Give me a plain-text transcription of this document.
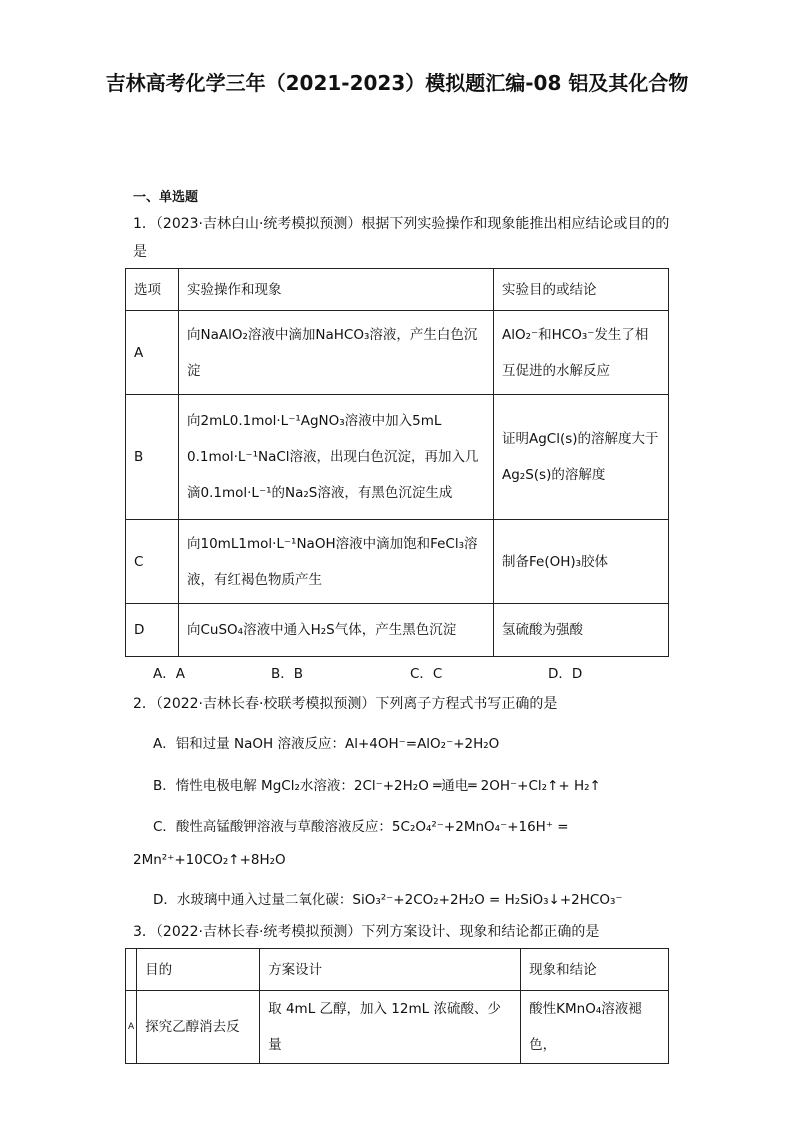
吉林高考化学三年（2021-2023）模拟题汇编-08 铝及其化合物
一、单选题
1．（2023·吉林白山·统考模拟预测）根据下列实验操作和现象能推出相应结论或目的的是
选项	实验操作和现象	实验目的或结论
A	向NaAlO₂溶液中滴加NaHCO₃溶液，产生白色沉淀	AlO₂⁻和HCO₃⁻发生了相互促进的水解反应
B	向2mL0.1mol·L⁻¹AgNO₃溶液中加入5mL 0.1mol·L⁻¹NaCl溶液，出现白色沉淀，再加入几滴0.1mol·L⁻¹的Na₂S溶液，有黑色沉淀生成	证明AgCl(s)的溶解度大于Ag₂S(s)的溶解度
C	向10mL1mol·L⁻¹NaOH溶液中滴加饱和FeCl₃溶液，有红褐色物质产生	制备Fe(OH)₃胶体
D	向CuSO₄溶液中通入H₂S气体，产生黑色沉淀	氢硫酸为强酸
A．A	B．B	C．C	D．D
2．（2022·吉林长春·校联考模拟预测）下列离子方程式书写正确的是
A．铝和过量 NaOH 溶液反应：Al+4OH⁻=AlO₂⁻+2H₂O
B．惰性电极电解 MgCl₂水溶液：2Cl⁻+2H₂O ═通电═ 2OH⁻+Cl₂↑+ H₂↑
C．酸性高锰酸钾溶液与草酸溶液反应：5C₂O₄²⁻+2MnO₄⁻+16H⁺ =
2Mn²⁺+10CO₂↑+8H₂O
D．水玻璃中通入过量二氧化碳：SiO₃²⁻+2CO₂+2H₂O = H₂SiO₃↓+2HCO₃⁻
3．（2022·吉林长春·统考模拟预测）下列方案设计、现象和结论都正确的是
	目的	方案设计	现象和结论
A	探究乙醇消去反	取 4mL 乙醇，加入 12mL 浓硫酸、少量	酸性KMnO₄溶液褪色，
